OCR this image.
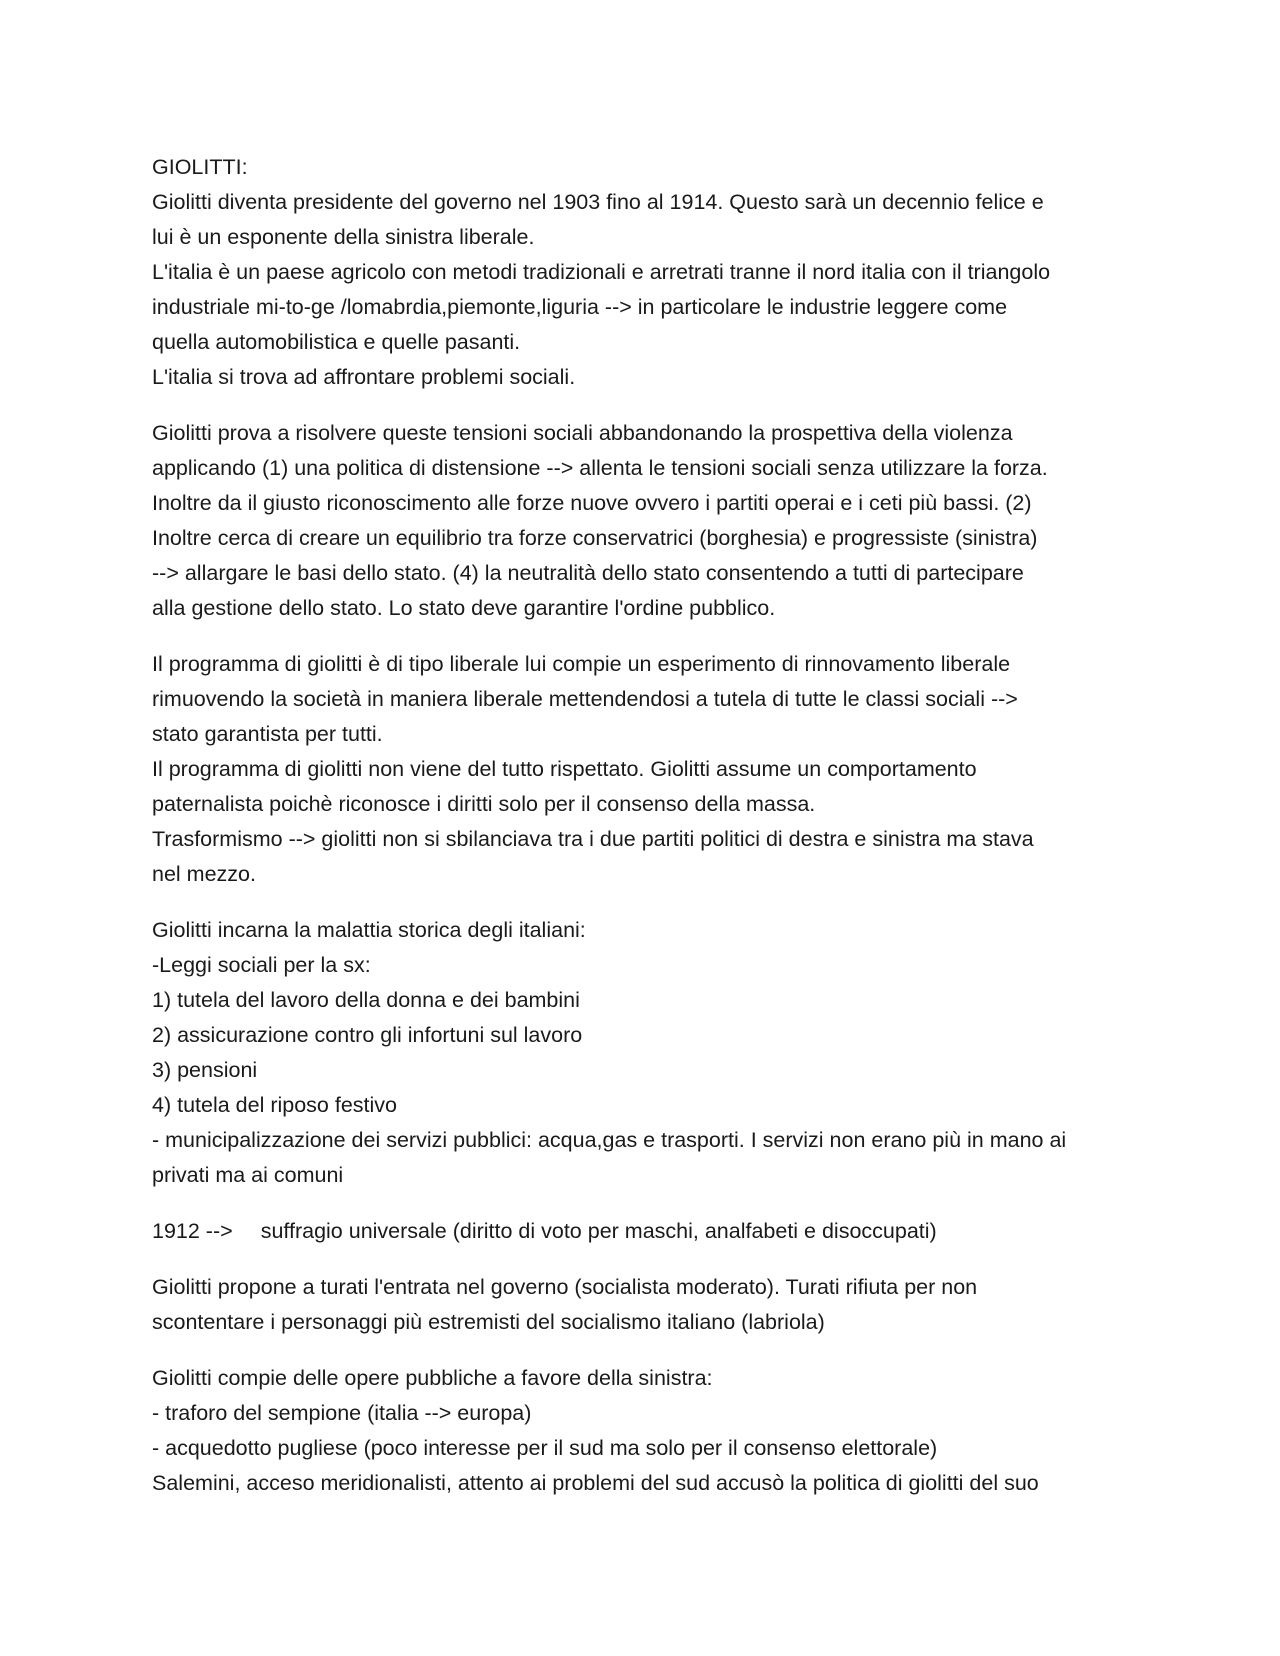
GIOLITTI:
Giolitti diventa presidente del governo nel 1903 fino al 1914. Questo sarà un decennio felice e
lui è un esponente della sinistra liberale.
L'italia è un paese agricolo con metodi tradizionali e arretrati tranne il nord italia con il triangolo
industriale mi-to-ge /lomabrdia,piemonte,liguria --> in particolare le industrie leggere come
quella automobilistica e quelle pasanti.
L'italia si trova ad affrontare problemi sociali.
Giolitti prova a risolvere queste tensioni sociali abbandonando la prospettiva della violenza
applicando (1) una politica di distensione --> allenta le tensioni sociali senza utilizzare la forza.
Inoltre da il giusto riconoscimento alle forze nuove ovvero i partiti operai e i ceti più bassi. (2)
Inoltre cerca di creare un equilibrio tra forze conservatrici (borghesia) e progressiste (sinistra)
--> allargare le basi dello stato. (4) la neutralità dello stato consentendo a tutti di partecipare
alla gestione dello stato. Lo stato deve garantire l'ordine pubblico.
Il programma di giolitti è di tipo liberale lui compie un esperimento di rinnovamento liberale
rimuovendo la società in maniera liberale mettendendosi a tutela di tutte le classi sociali -->
stato garantista per tutti.
Il programma di giolitti non viene del tutto rispettato. Giolitti assume un comportamento
paternalista poichè riconosce i diritti solo per il consenso della massa.
Trasformismo --> giolitti non si sbilanciava tra i due partiti politici di destra e sinistra ma stava
nel mezzo.
Giolitti incarna la malattia storica degli italiani:
-Leggi sociali per la sx:
1) tutela del lavoro della donna e dei bambini
2) assicurazione contro gli infortuni sul lavoro
3) pensioni
4) tutela del riposo festivo
- municipalizzazione dei servizi pubblici: acqua,gas e trasporti. I servizi non erano più in mano ai
privati ma ai comuni
1912 --> suffragio universale (diritto di voto per maschi, analfabeti e disoccupati)
Giolitti propone a turati l'entrata nel governo (socialista moderato). Turati rifiuta per non
scontentare i personaggi più estremisti del socialismo italiano (labriola)
Giolitti compie delle opere pubbliche a favore della sinistra:
- traforo del sempione (italia --> europa)
- acquedotto pugliese (poco interesse per il sud ma solo per il consenso elettorale)
Salemini, acceso meridionalisti, attento ai problemi del sud accusò la politica di giolitti del suo
